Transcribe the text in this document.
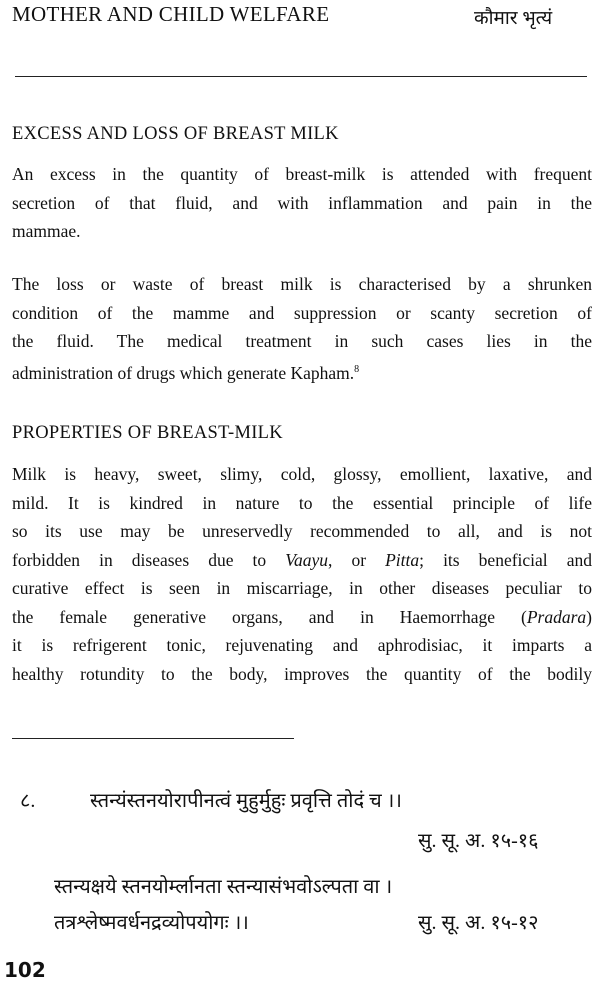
MOTHER AND CHILD WELFARE	कौमार भृत्यं
EXCESS AND LOSS OF BREAST MILK
An excess in the quantity of breast-milk is attended with frequent
secretion of that fluid, and with inflammation and pain in the
mammae.
The loss or waste of breast milk is characterised by a shrunken
condition of the mamme and suppression or scanty secretion of
the fluid. The medical treatment in such cases lies in the
administration of drugs which generate Kapham.$^8$
PROPERTIES OF BREAST-MILK
Milk is heavy, sweet, slimy, cold, glossy, emollient, laxative, and
mild. It is kindred in nature to the essential principle of life
so its use may be unreservedly recommended to all, and is not
forbidden in diseases due to Vaayu, or Pitta; its beneficial and
curative effect is seen in miscarriage, in other diseases peculiar to
the female generative organs, and in Haemorrhage (Pradara)
it is refrigerent tonic, rejuvenating and aphrodisiac, it imparts a
healthy rotundity to the body, improves the quantity of the bodily
८.	स्तन्यंस्तनयोरापीनत्वं मुहुर्मुहुः प्रवृत्ति तोदं च ।।
सु. सू. अ. १५-१६
स्तन्यक्षये स्तनयोर्म्लानता स्तन्यासंभवोऽल्पता वा ।
तत्रश्लेष्मवर्धनद्रव्योपयोगः ।।	सु. सू. अ. १५-१२
102
